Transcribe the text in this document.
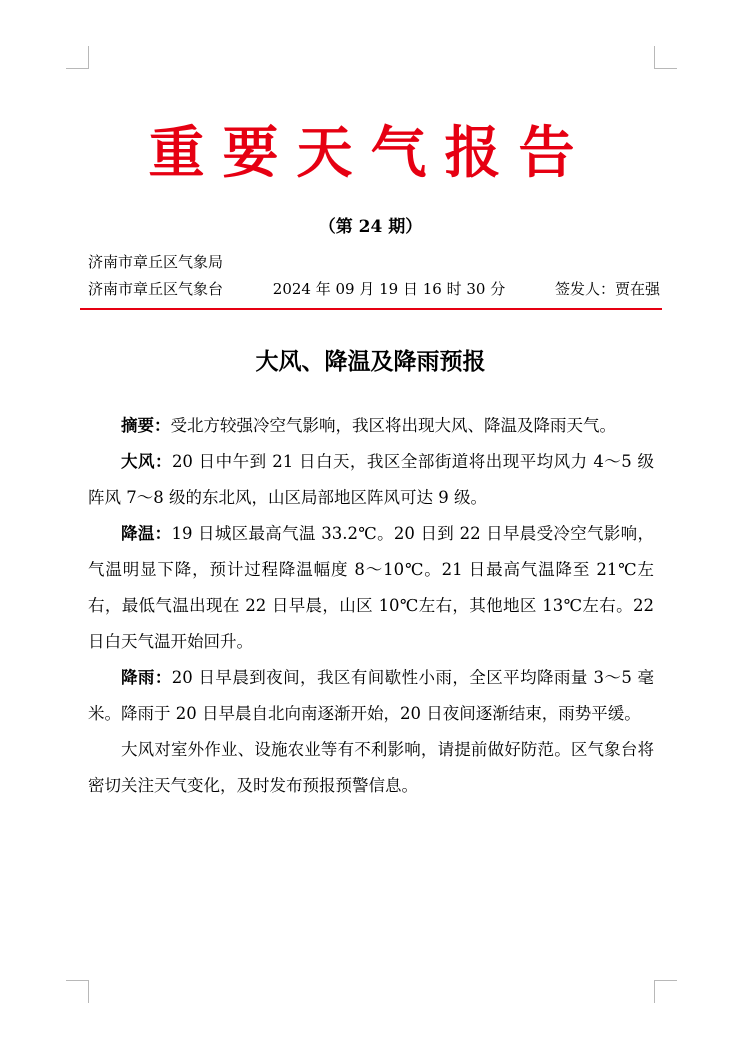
重要天气报告
（第 24 期）
济南市章丘区气象局
济南市章丘区气象台	2024 年 09 月 19 日 16 时 30 分	签发人：贾在强
大风、降温及降雨预报

摘要：受北方较强冷空气影响，我区将出现大风、降温及降雨天气。

大风：20 日中午到 21 日白天，我区全部街道将出现平均风力 4～5 级阵风 7～8 级的东北风，山区局部地区阵风可达 9 级。

降温：19 日城区最高气温 33.2℃。20 日到 22 日早晨受冷空气影响，气温明显下降，预计过程降温幅度 8～10℃。21 日最高气温降至 21℃左右，最低气温出现在 22 日早晨，山区 10℃左右，其他地区 13℃左右。22 日白天气温开始回升。

降雨：20 日早晨到夜间，我区有间歇性小雨，全区平均降雨量 3～5 毫米。降雨于 20 日早晨自北向南逐渐开始，20 日夜间逐渐结束，雨势平缓。

大风对室外作业、设施农业等有不利影响，请提前做好防范。区气象台将密切关注天气变化，及时发布预报预警信息。
